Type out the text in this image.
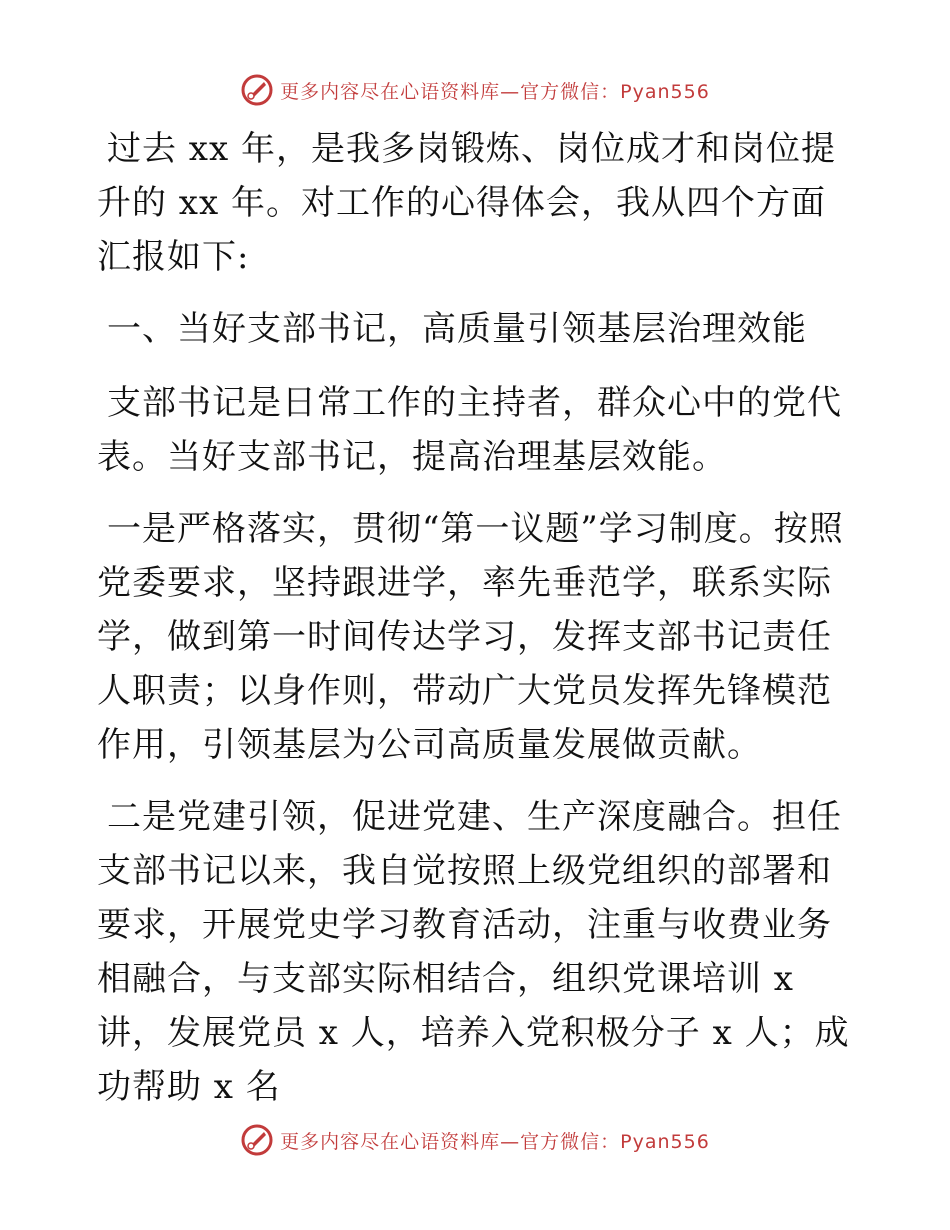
更多内容尽在心语资料库—官方微信：Pyan556

过去 xx 年，是我多岗锻炼、岗位成才和岗位提升的 xx 年。对工作的心得体会，我从四个方面汇报如下:

一、当好支部书记，高质量引领基层治理效能

支部书记是日常工作的主持者，群众心中的党代表。当好支部书记，提高治理基层效能。

一是严格落实，贯彻“第一议题”学习制度。按照党委要求，坚持跟进学，率先垂范学，联系实际学，做到第一时间传达学习，发挥支部书记责任人职责；以身作则，带动广大党员发挥先锋模范作用，引领基层为公司高质量发展做贡献。

二是党建引领，促进党建、生产深度融合。担任支部书记以来，我自觉按照上级党组织的部署和要求，开展党史学习教育活动，注重与收费业务相融合，与支部实际相结合，组织党课培训 x 讲，发展党员 x 人，培养入党积极分子 x 人；成功帮助 x 名

更多内容尽在心语资料库—官方微信：Pyan556
